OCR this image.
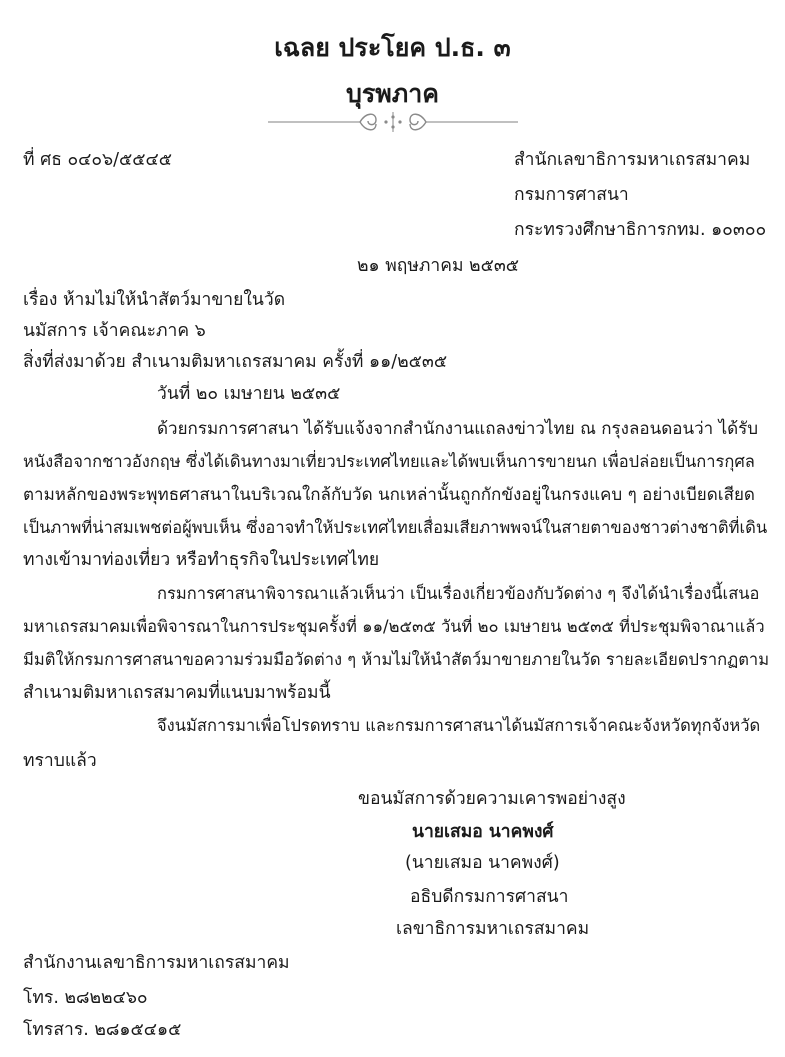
เฉลย ประโยค ป.ธ. ๓
บุรพภาค
ที่ ศธ ๐๔๐๖/๕๕๔๕	สำนักเลขาธิการมหาเถรสมาคม
กรมการศาสนา
กระทรวงศึกษาธิการกทม. ๑๐๓๐๐
๒๑ พฤษภาคม ๒๕๓๕
เรื่อง ห้ามไม่ให้นำสัตว์มาขายในวัด
นมัสการ เจ้าคณะภาค ๖
สิ่งที่ส่งมาด้วย สำเนามติมหาเถรสมาคม ครั้งที่ ๑๑/๒๕๓๕
วันที่ ๒๐ เมษายน ๒๕๓๕
ด้วยกรมการศาสนา ได้รับแจ้งจากสำนักงานแถลงข่าวไทย ณ กรุงลอนดอนว่า ได้รับ
หนังสือจากชาวอังกฤษ ซึ่งได้เดินทางมาเที่ยวประเทศไทยและได้พบเห็นการขายนก เพื่อปล่อยเป็นการกุศล
ตามหลักของพระพุทธศาสนาในบริเวณใกล้กับวัด นกเหล่านั้นถูกกักขังอยู่ในกรงแคบ ๆ อย่างเบียดเสียด
เป็นภาพที่น่าสมเพชต่อผู้พบเห็น ซึ่งอาจทำให้ประเทศไทยเสื่อมเสียภาพพจน์ในสายตาของชาวต่างชาติที่เดิน
ทางเข้ามาท่องเที่ยว หรือทำธุรกิจในประเทศไทย
กรมการศาสนาพิจารณาแล้วเห็นว่า เป็นเรื่องเกี่ยวข้องกับวัดต่าง ๆ จึงได้นำเรื่องนี้เสนอ
มหาเถรสมาคมเพื่อพิจารณาในการประชุมครั้งที่ ๑๑/๒๕๓๕ วันที่ ๒๐ เมษายน ๒๕๓๕ ที่ประชุมพิจาณาแล้ว
มีมติให้กรมการศาสนาขอความร่วมมือวัดต่าง ๆ ห้ามไม่ให้นำสัตว์มาขายภายในวัด รายละเอียดปรากฏตาม
สำเนามติมหาเถรสมาคมที่แนบมาพร้อมนี้
จึงนมัสการมาเพื่อโปรดทราบ และกรมการศาสนาได้นมัสการเจ้าคณะจังหวัดทุกจังหวัด
ทราบแล้ว
ขอนมัสการด้วยความเคารพอย่างสูง
นายเสมอ นาคพงศ์
(นายเสมอ นาคพงศ์)
อธิบดีกรมการศาสนา
เลขาธิการมหาเถรสมาคม
สำนักงานเลขาธิการมหาเถรสมาคม
โทร. ๒๘๒๒๔๖๐
โทรสาร. ๒๘๑๕๔๑๕
